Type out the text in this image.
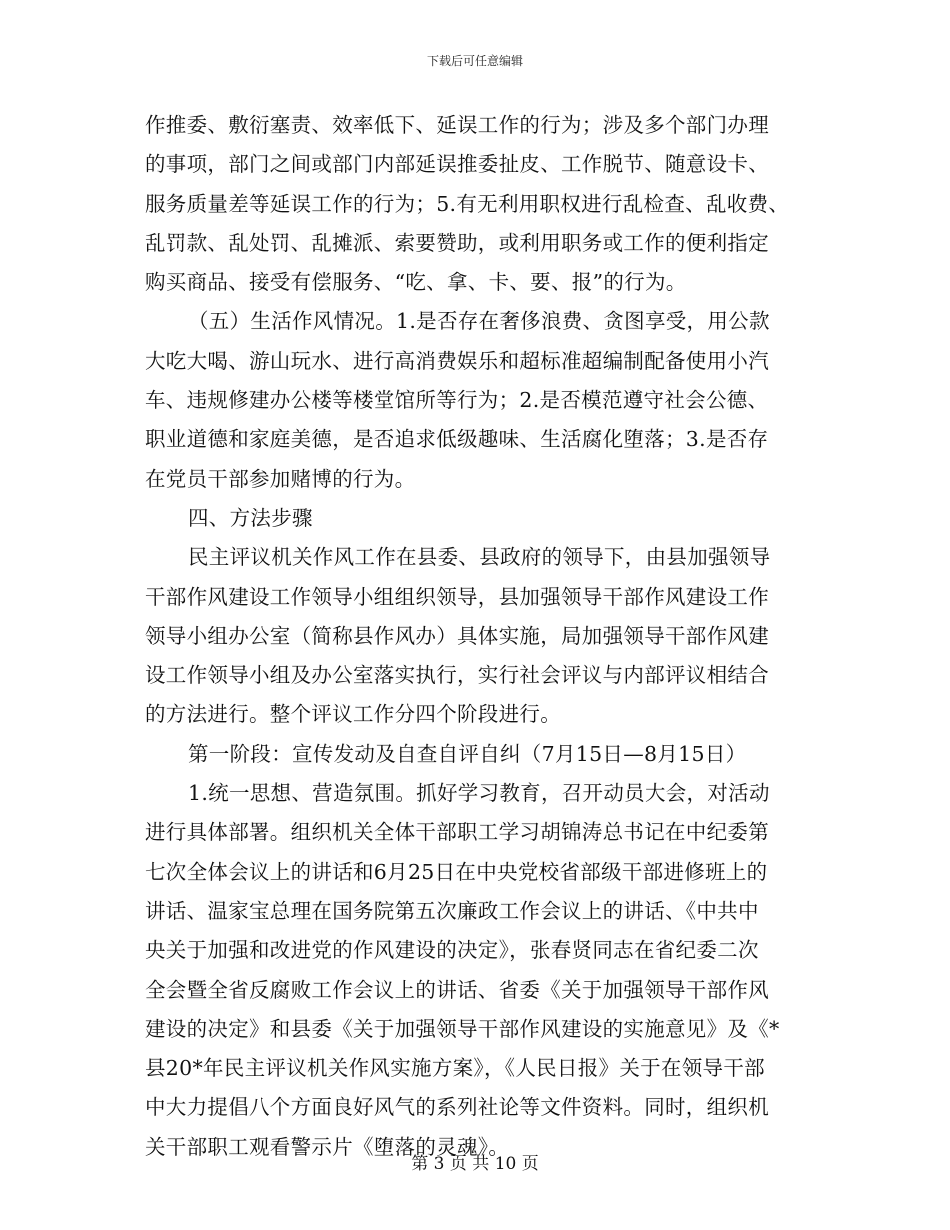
下载后可任意编辑
作推委、敷衍塞责、效率低下、延误工作的行为；涉及多个部门办理
的事项，部门之间或部门内部延误推委扯皮、工作脱节、随意设卡、
服务质量差等延误工作的行为；5.有无利用职权进行乱检查、乱收费、
乱罚款、乱处罚、乱摊派、索要赞助，或利用职务或工作的便利指定
购买商品、接受有偿服务、“吃、拿、卡、要、报”的行为。
（五）生活作风情况。1.是否存在奢侈浪费、贪图享受，用公款
大吃大喝、游山玩水、进行高消费娱乐和超标准超编制配备使用小汽
车、违规修建办公楼等楼堂馆所等行为；2.是否模范遵守社会公德、
职业道德和家庭美德，是否追求低级趣味、生活腐化堕落；3.是否存
在党员干部参加赌博的行为。
四、方法步骤
民主评议机关作风工作在县委、县政府的领导下，由县加强领导
干部作风建设工作领导小组组织领导，县加强领导干部作风建设工作
领导小组办公室（简称县作风办）具体实施，局加强领导干部作风建
设工作领导小组及办公室落实执行，实行社会评议与内部评议相结合
的方法进行。整个评议工作分四个阶段进行。
第一阶段：宣传发动及自查自评自纠（7月15日—8月15日）
1.统一思想、营造氛围。抓好学习教育，召开动员大会，对活动
进行具体部署。组织机关全体干部职工学习胡锦涛总书记在中纪委第
七次全体会议上的讲话和6月25日在中央党校省部级干部进修班上的
讲话、温家宝总理在国务院第五次廉政工作会议上的讲话、《中共中
央关于加强和改进党的作风建设的决定》，张春贤同志在省纪委二次
全会暨全省反腐败工作会议上的讲话、省委《关于加强领导干部作风
建设的决定》和县委《关于加强领导干部作风建设的实施意见》及《*
县20*年民主评议机关作风实施方案》，《人民日报》关于在领导干部
中大力提倡八个方面良好风气的系列社论等文件资料。同时，组织机
关干部职工观看警示片《堕落的灵魂》。
第 3 页 共 10 页
